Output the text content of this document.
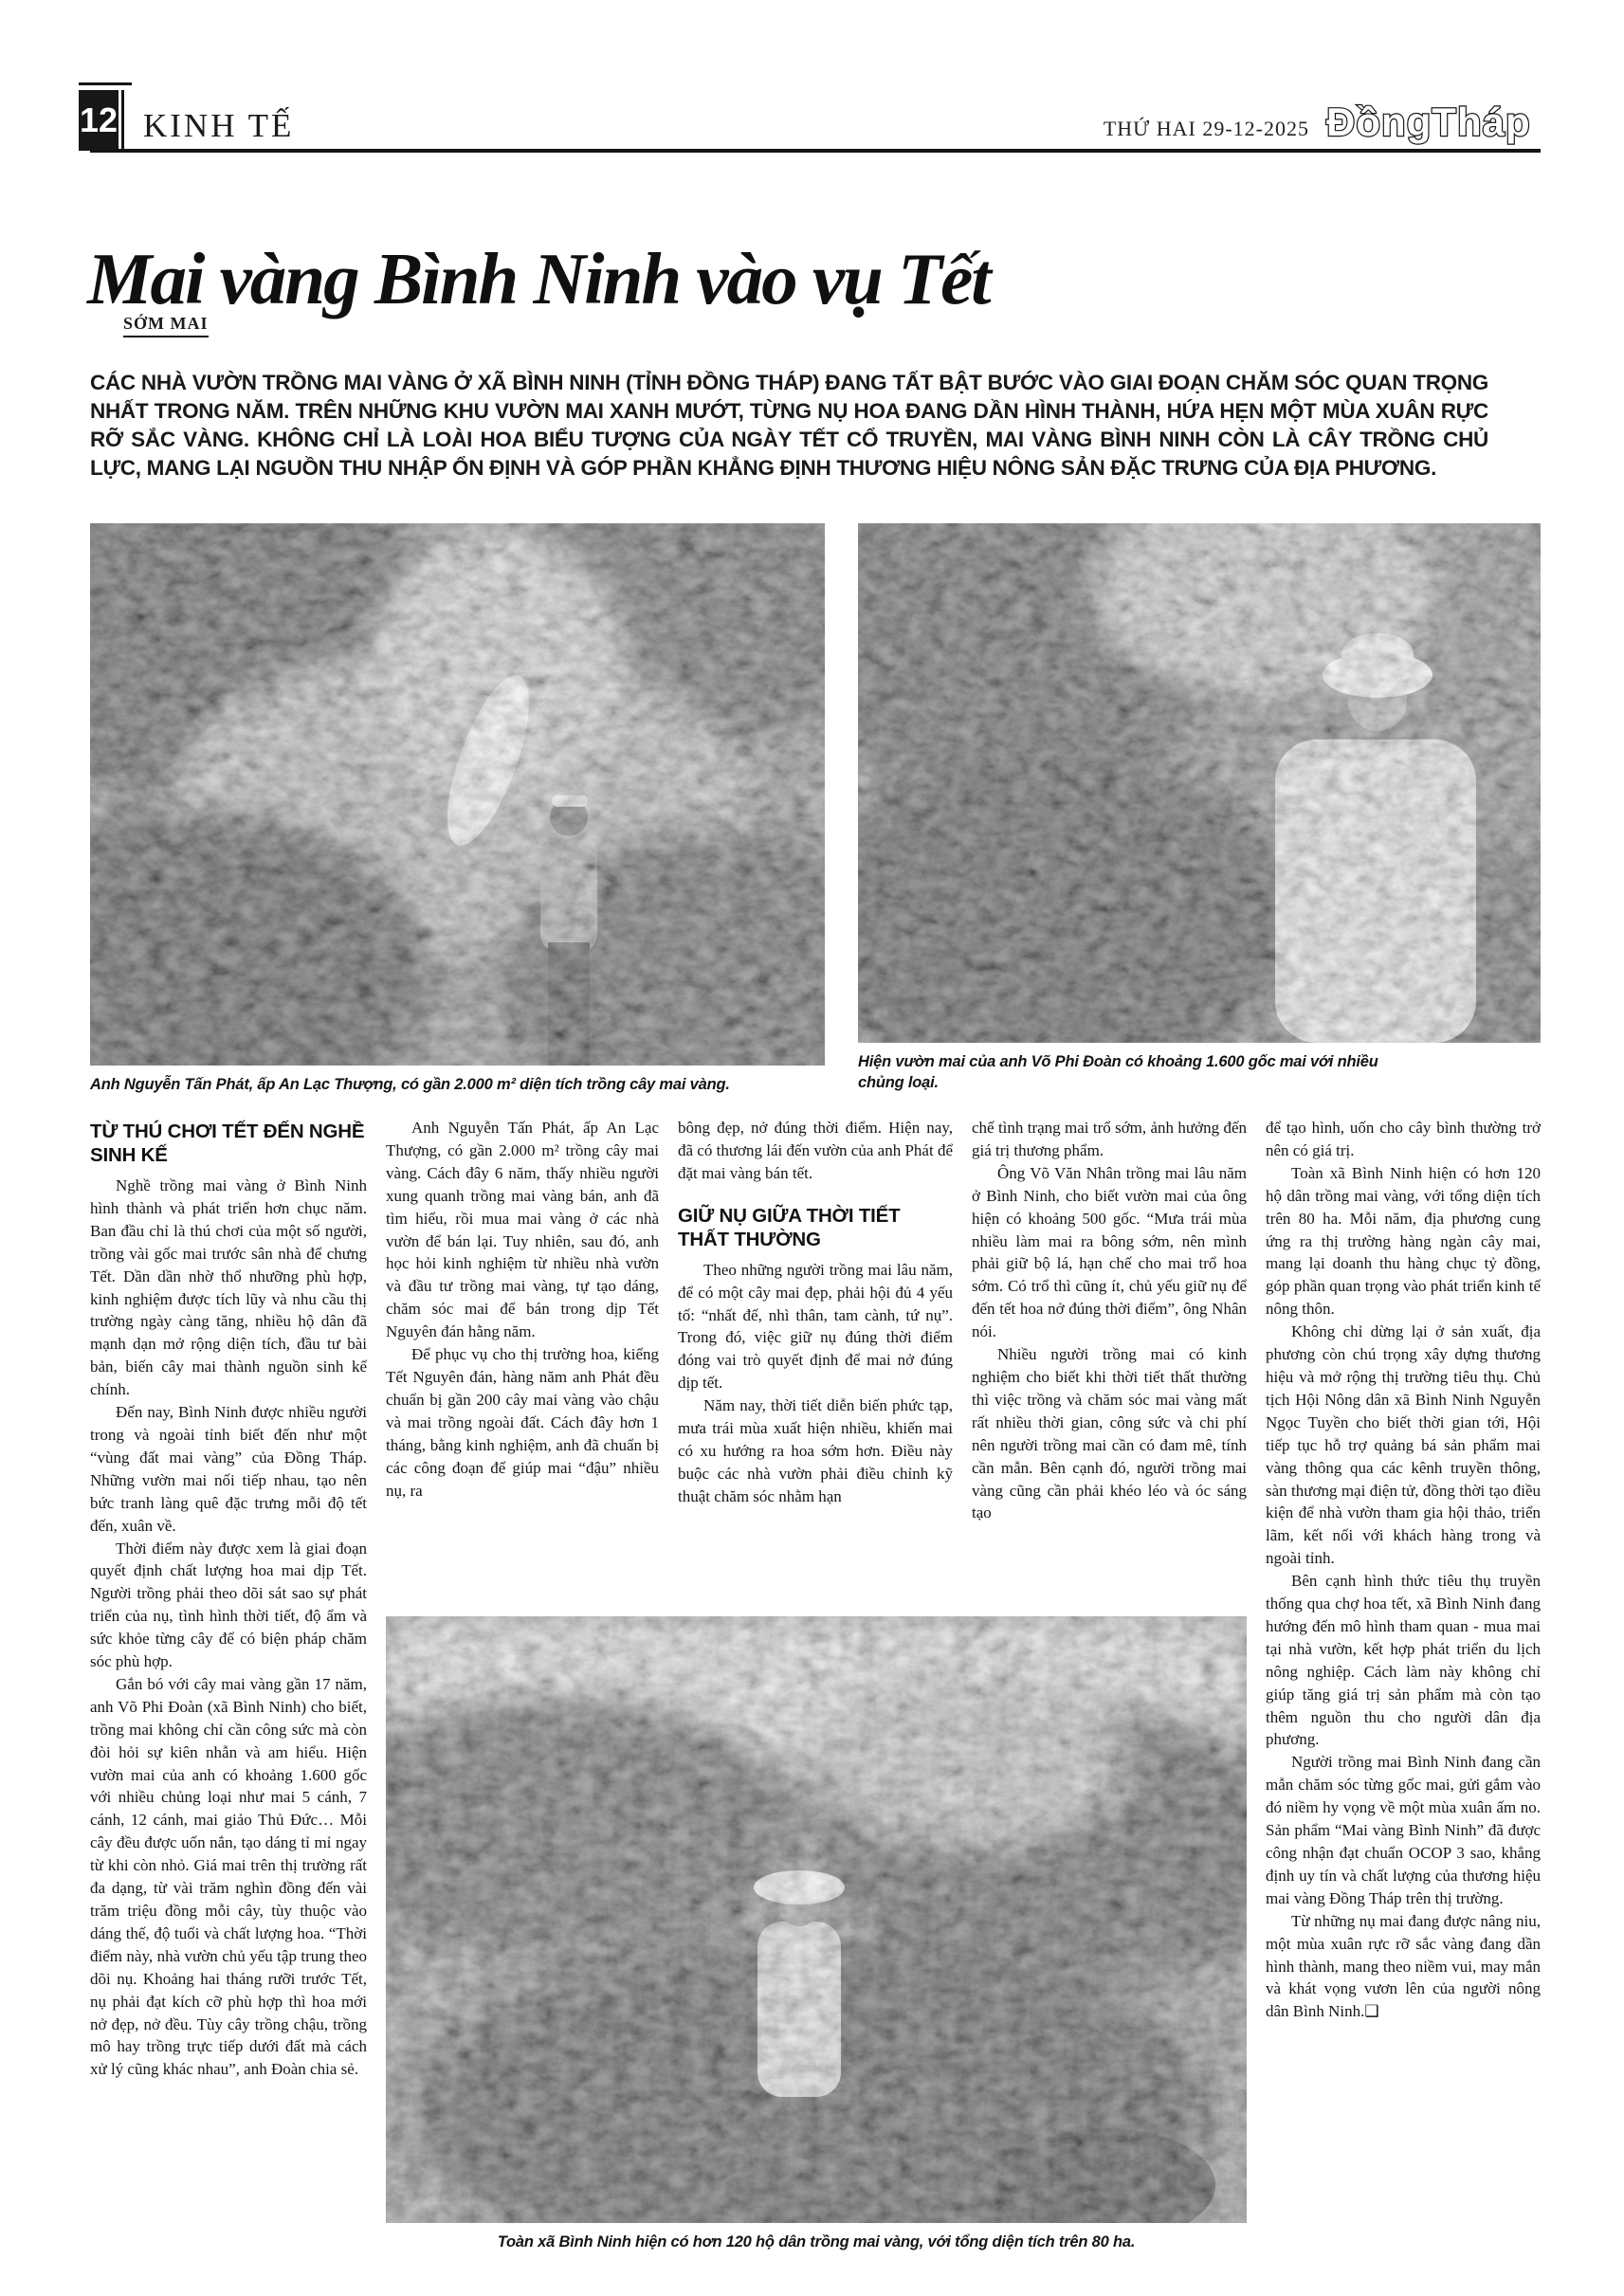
12 KINH TẾ	THỨ HAI 29-12-2025 ĐồngTháp
Mai vàng Bình Ninh vào vụ Tết
SỚM MAI

CÁC NHÀ VƯỜN TRỒNG MAI VÀNG Ở XÃ BÌNH NINH (TỈNH ĐỒNG THÁP) ĐANG TẤT BẬT BƯỚC VÀO GIAI ĐOẠN CHĂM SÓC QUAN TRỌNG NHẤT TRONG NĂM. TRÊN NHỮNG KHU VƯỜN MAI XANH MƯỚT, TỪNG NỤ HOA ĐANG DẦN HÌNH THÀNH, HỨA HẸN MỘT MÙA XUÂN RỰC RỠ SẮC VÀNG. KHÔNG CHỈ LÀ LOÀI HOA BIỂU TƯỢNG CỦA NGÀY TẾT CỔ TRUYỀN, MAI VÀNG BÌNH NINH CÒN LÀ CÂY TRỒNG CHỦ LỰC, MANG LẠI NGUỒN THU NHẬP ỔN ĐỊNH VÀ GÓP PHẦN KHẲNG ĐỊNH THƯƠNG HIỆU NÔNG SẢN ĐẶC TRƯNG CỦA ĐỊA PHƯƠNG.

Anh Nguyễn Tấn Phát, ấp An Lạc Thượng, có gần 2.000 m² diện tích trồng cây mai vàng.
Hiện vườn mai của anh Võ Phi Đoàn có khoảng 1.600 gốc mai với nhiều chủng loại.
TỪ THÚ CHƠI TẾT ĐẾN NGHỀ SINH KẾ

Nghề trồng mai vàng ở Bình Ninh hình thành và phát triển hơn chục năm. Ban đầu chỉ là thú chơi của một số người, trồng vài gốc mai trước sân nhà để chưng Tết. Dần dần nhờ thổ nhưỡng phù hợp, kinh nghiệm được tích lũy và nhu cầu thị trường ngày càng tăng, nhiều hộ dân đã mạnh dạn mở rộng diện tích, đầu tư bài bản, biến cây mai thành nguồn sinh kế chính.

Đến nay, Bình Ninh được nhiều người trong và ngoài tỉnh biết đến như một “vùng đất mai vàng” của Đồng Tháp. Những vườn mai nối tiếp nhau, tạo nên bức tranh làng quê đặc trưng mỗi độ tết đến, xuân về.

Thời điểm này được xem là giai đoạn quyết định chất lượng hoa mai dịp Tết. Người trồng phải theo dõi sát sao sự phát triển của nụ, tình hình thời tiết, độ ẩm và sức khỏe từng cây để có biện pháp chăm sóc phù hợp.

Gắn bó với cây mai vàng gần 17 năm, anh Võ Phi Đoàn (xã Bình Ninh) cho biết, trồng mai không chỉ cần công sức mà còn đòi hỏi sự kiên nhẫn và am hiểu. Hiện vườn mai của anh có khoảng 1.600 gốc với nhiều chủng loại như mai 5 cánh, 7 cánh, 12 cánh, mai giảo Thủ Đức… Mỗi cây đều được uốn nắn, tạo dáng tỉ mỉ ngay từ khi còn nhỏ. Giá mai trên thị trường rất đa dạng, từ vài trăm nghìn đồng đến vài trăm triệu đồng mỗi cây, tùy thuộc vào dáng thế, độ tuổi và chất lượng hoa. “Thời điểm này, nhà vườn chủ yếu tập trung theo dõi nụ. Khoảng hai tháng rưỡi trước Tết, nụ phải đạt kích cỡ phù hợp thì hoa mới nở đẹp, nở đều. Tùy cây trồng chậu, trồng mô hay trồng trực tiếp dưới đất mà cách xử lý cũng khác nhau”, anh Đoàn chia sẻ.

Anh Nguyễn Tấn Phát, ấp An Lạc Thượng, có gần 2.000 m² trồng cây mai vàng. Cách đây 6 năm, thấy nhiều người xung quanh trồng mai vàng bán, anh đã tìm hiểu, rồi mua mai vàng ở các nhà vườn để bán lại. Tuy nhiên, sau đó, anh học hỏi kinh nghiệm từ nhiều nhà vườn và đầu tư trồng mai vàng, tự tạo dáng, chăm sóc mai để bán trong dịp Tết Nguyên đán hằng năm.

Để phục vụ cho thị trường hoa, kiểng Tết Nguyên đán, hàng năm anh Phát đều chuẩn bị gần 200 cây mai vàng vào chậu và mai trồng ngoài đất. Cách đây hơn 1 tháng, bằng kinh nghiệm, anh đã chuẩn bị các công đoạn để giúp mai “đậu” nhiều nụ, ra

bông đẹp, nở đúng thời điểm. Hiện nay, đã có thương lái đến vườn của anh Phát để đặt mai vàng bán tết.

GIỮ NỤ GIỮA THỜI TIẾT THẤT THƯỜNG

Theo những người trồng mai lâu năm, để có một cây mai đẹp, phải hội đủ 4 yếu tố: “nhất đế, nhì thân, tam cành, tứ nụ”. Trong đó, việc giữ nụ đúng thời điểm đóng vai trò quyết định để mai nở đúng dịp tết.

Năm nay, thời tiết diễn biến phức tạp, mưa trái mùa xuất hiện nhiều, khiến mai có xu hướng ra hoa sớm hơn. Điều này buộc các nhà vườn phải điều chỉnh kỹ thuật chăm sóc nhằm hạn

chế tình trạng mai trổ sớm, ảnh hưởng đến giá trị thương phẩm.

Ông Võ Văn Nhân trồng mai lâu năm ở Bình Ninh, cho biết vườn mai của ông hiện có khoảng 500 gốc. “Mưa trái mùa nhiều làm mai ra bông sớm, nên mình phải giữ bộ lá, hạn chế cho mai trổ hoa sớm. Có trổ thì cũng ít, chủ yếu giữ nụ để đến tết hoa nở đúng thời điểm”, ông Nhân nói.

Nhiều người trồng mai có kinh nghiệm cho biết khi thời tiết thất thường thì việc trồng và chăm sóc mai vàng mất rất nhiều thời gian, công sức và chi phí nên người trồng mai cần có đam mê, tính cần mẫn. Bên cạnh đó, người trồng mai vàng cũng cần phải khéo léo và óc sáng tạo

để tạo hình, uốn cho cây bình thường trở nên có giá trị.

Toàn xã Bình Ninh hiện có hơn 120 hộ dân trồng mai vàng, với tổng diện tích trên 80 ha. Mỗi năm, địa phương cung ứng ra thị trường hàng ngàn cây mai, mang lại doanh thu hàng chục tỷ đồng, góp phần quan trọng vào phát triển kinh tế nông thôn.

Không chỉ dừng lại ở sản xuất, địa phương còn chú trọng xây dựng thương hiệu và mở rộng thị trường tiêu thụ. Chủ tịch Hội Nông dân xã Bình Ninh Nguyễn Ngọc Tuyền cho biết thời gian tới, Hội tiếp tục hỗ trợ quảng bá sản phẩm mai vàng thông qua các kênh truyền thông, sàn thương mại điện tử, đồng thời tạo điều kiện để nhà vườn tham gia hội thảo, triển lãm, kết nối với khách hàng trong và ngoài tỉnh.

Bên cạnh hình thức tiêu thụ truyền thống qua chợ hoa tết, xã Bình Ninh đang hướng đến mô hình tham quan - mua mai tại nhà vườn, kết hợp phát triển du lịch nông nghiệp. Cách làm này không chỉ giúp tăng giá trị sản phẩm mà còn tạo thêm nguồn thu cho người dân địa phương.

Người trồng mai Bình Ninh đang cần mẫn chăm sóc từng gốc mai, gửi gắm vào đó niềm hy vọng về một mùa xuân ấm no. Sản phẩm “Mai vàng Bình Ninh” đã được công nhận đạt chuẩn OCOP 3 sao, khẳng định uy tín và chất lượng của thương hiệu mai vàng Đồng Tháp trên thị trường.

Từ những nụ mai đang được nâng niu, một mùa xuân rực rỡ sắc vàng đang dần hình thành, mang theo niềm vui, may mắn và khát vọng vươn lên của người nông dân Bình Ninh.❑

Toàn xã Bình Ninh hiện có hơn 120 hộ dân trồng mai vàng, với tổng diện tích trên 80 ha.
